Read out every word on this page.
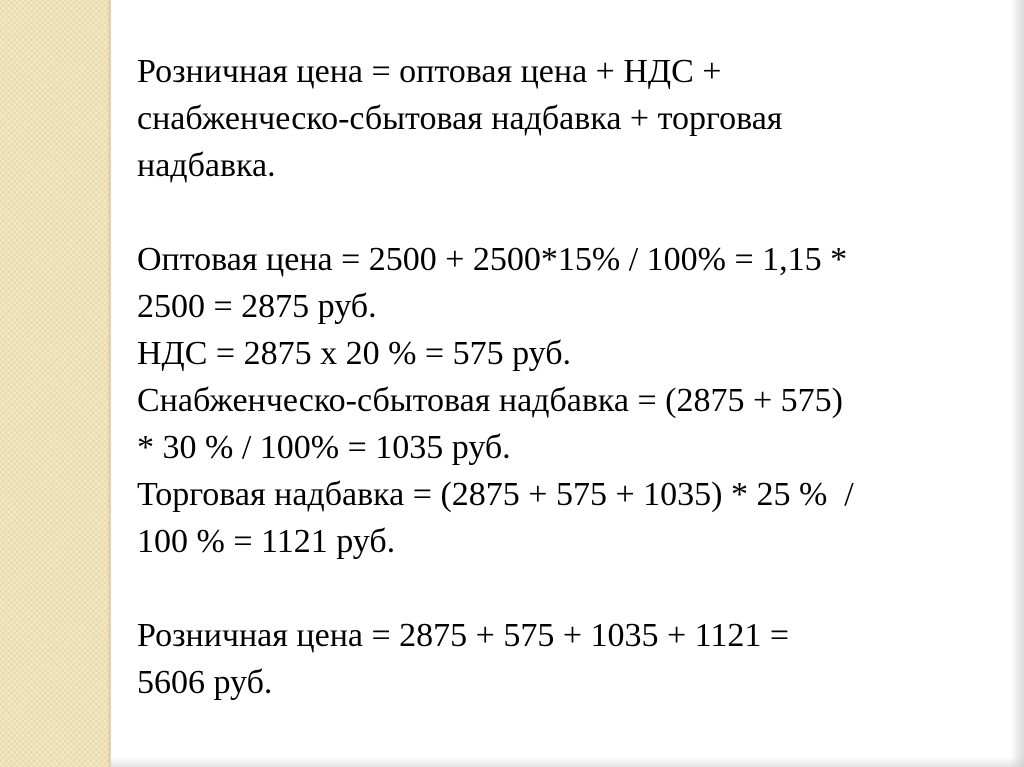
Розничная цена = оптовая цена + НДС +
снабженческо-сбытовая надбавка + торговая
надбавка.
Оптовая цена = 2500 + 2500*15% / 100% = 1,15 *
2500 = 2875 руб.
НДС = 2875 х 20 % = 575 руб.
Снабженческо-сбытовая надбавка = (2875 + 575)
* 30 % / 100% = 1035 руб.
Торговая надбавка = (2875 + 575 + 1035) * 25 %  /
100 % = 1121 руб.
Розничная цена = 2875 + 575 + 1035 + 1121 =
5606 руб.
